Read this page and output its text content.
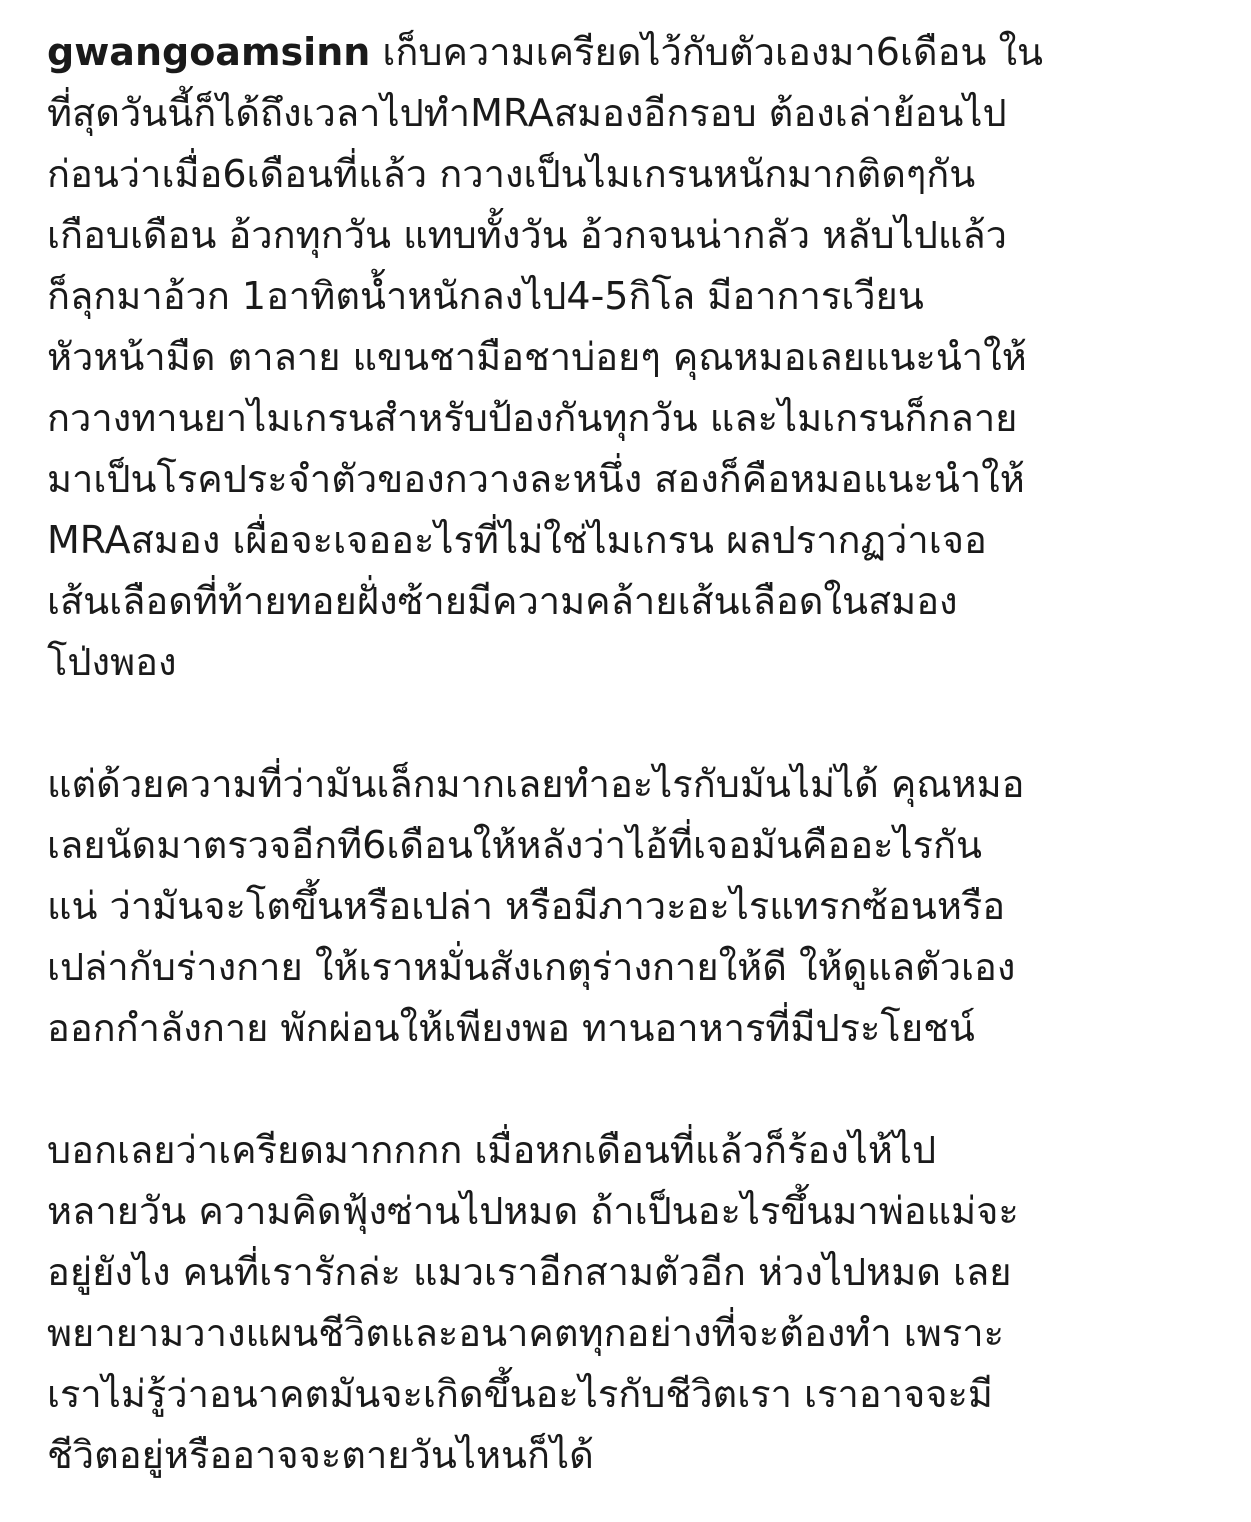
gwangoamsinn เก็บความเครียดไว้กับตัวเองมา6เดือน ใน
ที่สุดวันนี้ก็ได้ถึงเวลาไปทำMRAสมองอีกรอบ ต้องเล่าย้อนไป
ก่อนว่าเมื่อ6เดือนที่แล้ว กวางเป็นไมเกรนหนักมากติดๆกัน
เกือบเดือน อ้วกทุกวัน แทบทั้งวัน อ้วกจนน่ากลัว หลับไปแล้ว
ก็ลุกมาอ้วก 1อาทิตน้ำหนักลงไป4-5กิโล มีอาการเวียน
หัวหน้ามืด ตาลาย แขนชามือชาบ่อยๆ คุณหมอเลยแนะนำให้
กวางทานยาไมเกรนสำหรับป้องกันทุกวัน และไมเกรนก็กลาย
มาเป็นโรคประจำตัวของกวางละหนึ่ง สองก็คือหมอแนะนำให้
MRAสมอง เผื่อจะเจออะไรที่ไม่ใช่ไมเกรน ผลปรากฏว่าเจอ
เส้นเลือดที่ท้ายทอยฝั่งซ้ายมีความคล้ายเส้นเลือดในสมอง
โป่งพอง

แต่ด้วยความที่ว่ามันเล็กมากเลยทำอะไรกับมันไม่ได้ คุณหมอ
เลยนัดมาตรวจอีกที6เดือนให้หลังว่าไอ้ที่เจอมันคืออะไรกัน
แน่ ว่ามันจะโตขึ้นหรือเปล่า หรือมีภาวะอะไรแทรกซ้อนหรือ
เปล่ากับร่างกาย ให้เราหมั่นสังเกตุร่างกายให้ดี ให้ดูแลตัวเอง
ออกกำลังกาย พักผ่อนให้เพียงพอ ทานอาหารที่มีประโยชน์

บอกเลยว่าเครียดมากกกก เมื่อหกเดือนที่แล้วก็ร้องไห้ไป
หลายวัน ความคิดฟุ้งซ่านไปหมด ถ้าเป็นอะไรขึ้นมาพ่อแม่จะ
อยู่ยังไง คนที่เรารักล่ะ แมวเราอีกสามตัวอีก ห่วงไปหมด เลย
พยายามวางแผนชีวิตและอนาคตทุกอย่างที่จะต้องทำ เพราะ
เราไม่รู้ว่าอนาคตมันจะเกิดขึ้นอะไรกับชีวิตเรา เราอาจจะมี
ชีวิตอยู่หรืออาจจะตายวันไหนก็ได้
